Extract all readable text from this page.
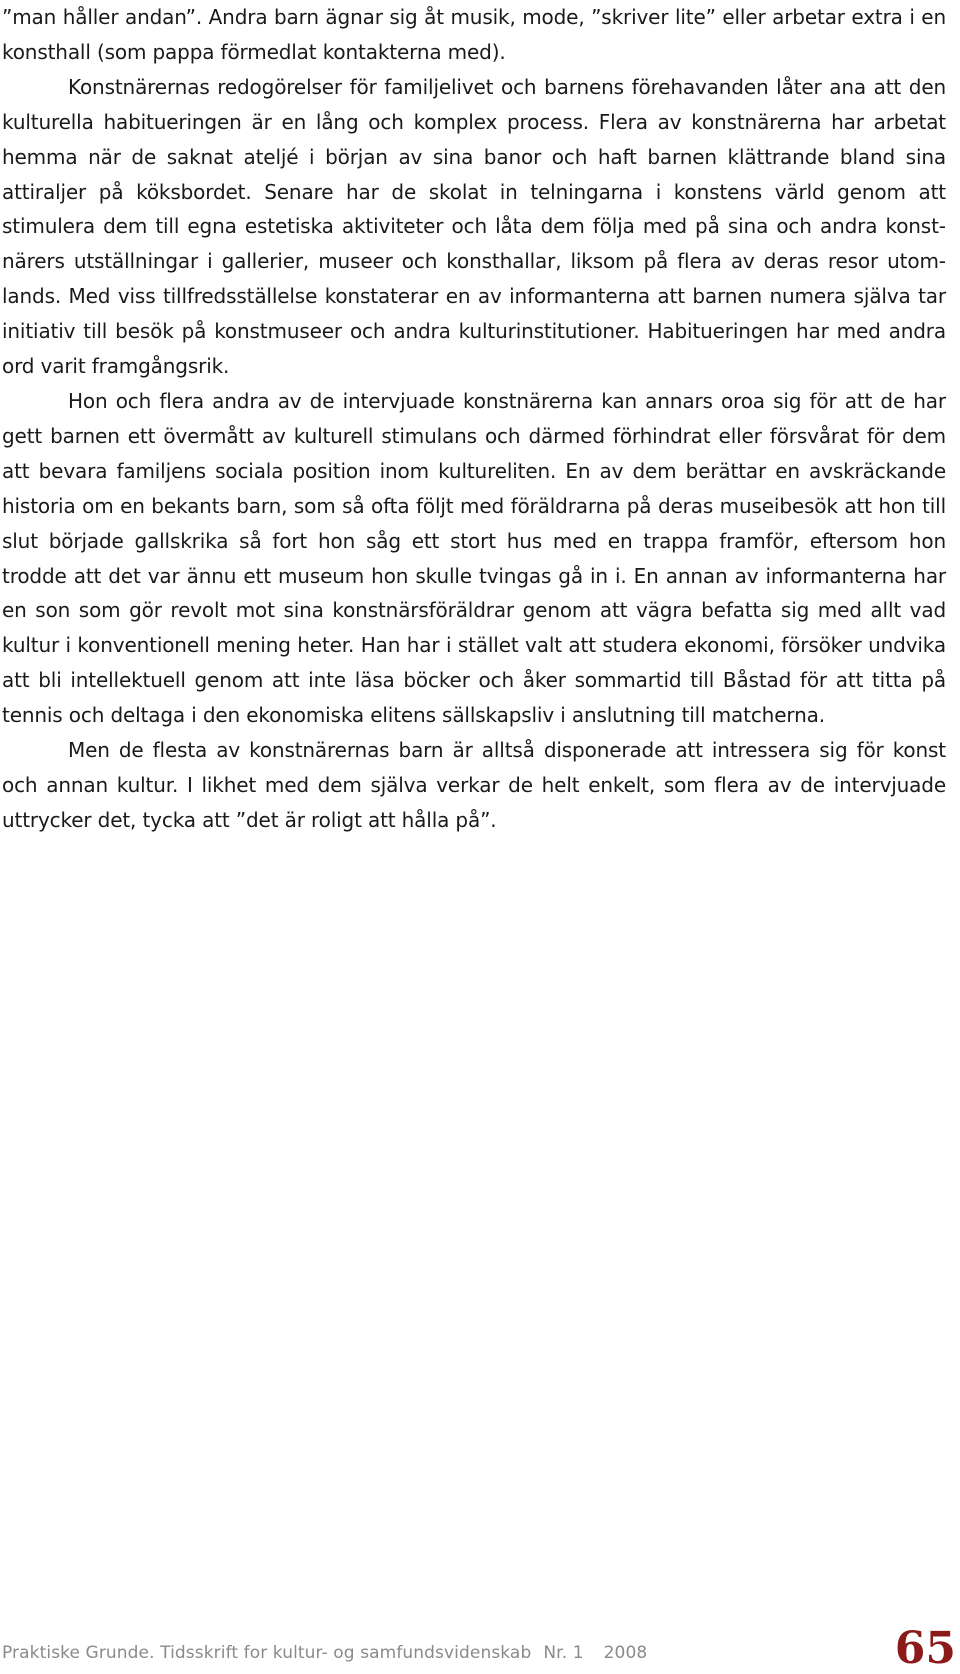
”man håller andan”. Andra barn ägnar sig åt musik, mode, ”skriver lite” eller arbetar extra i en konsthall (som pappa förmedlat kontakterna med).

Konstnärernas redogörelser för familjelivet och barnens förehavanden låter ana att den kulturella habitueringen är en lång och komplex process. Flera av konstnärerna har arbetat hemma när de saknat ateljé i början av sina banor och haft barnen klättrande bland sina attiraljer på köksbordet. Senare har de skolat in telningarna i konstens värld genom att stimulera dem till egna estetiska aktiviteter och låta dem följa med på sina och andra konstnärers utställningar i gallerier, museer och konsthallar, liksom på flera av deras resor utomlands. Med viss tillfredsställelse konstaterar en av informanterna att barnen numera själva tar initiativ till besök på konstmuseer och andra kulturinstitutioner. Habitueringen har med andra ord varit framgångsrik.

Hon och flera andra av de intervjuade konstnärerna kan annars oroa sig för att de har gett barnen ett övermått av kulturell stimulans och därmed förhindrat eller försvårat för dem att bevara familjens sociala position inom kultureliten. En av dem berättar en avskräckande historia om en bekants barn, som så ofta följt med föräldrarna på deras museibesök att hon till slut började gallskrika så fort hon såg ett stort hus med en trappa framför, eftersom hon trodde att det var ännu ett museum hon skulle tvingas gå in i. En annan av informanterna har en son som gör revolt mot sina konstnärsföräldrar genom att vägra befatta sig med allt vad kultur i konventionell mening heter. Han har i stället valt att studera ekonomi, försöker undvika att bli intellektuell genom att inte läsa böcker och åker sommartid till Båstad för att titta på tennis och deltaga i den ekonomiska elitens sällskapsliv i anslutning till matcherna.

Men de flesta av konstnärernas barn är alltså disponerade att intressera sig för konst och annan kultur. I likhet med dem själva verkar de helt enkelt, som flera av de intervjuade uttrycker det, tycka att ”det är roligt att hålla på”.

Praktiske Grunde. Tidsskrift for kultur- og samfundsvidenskab Nr. 1 2008	65
